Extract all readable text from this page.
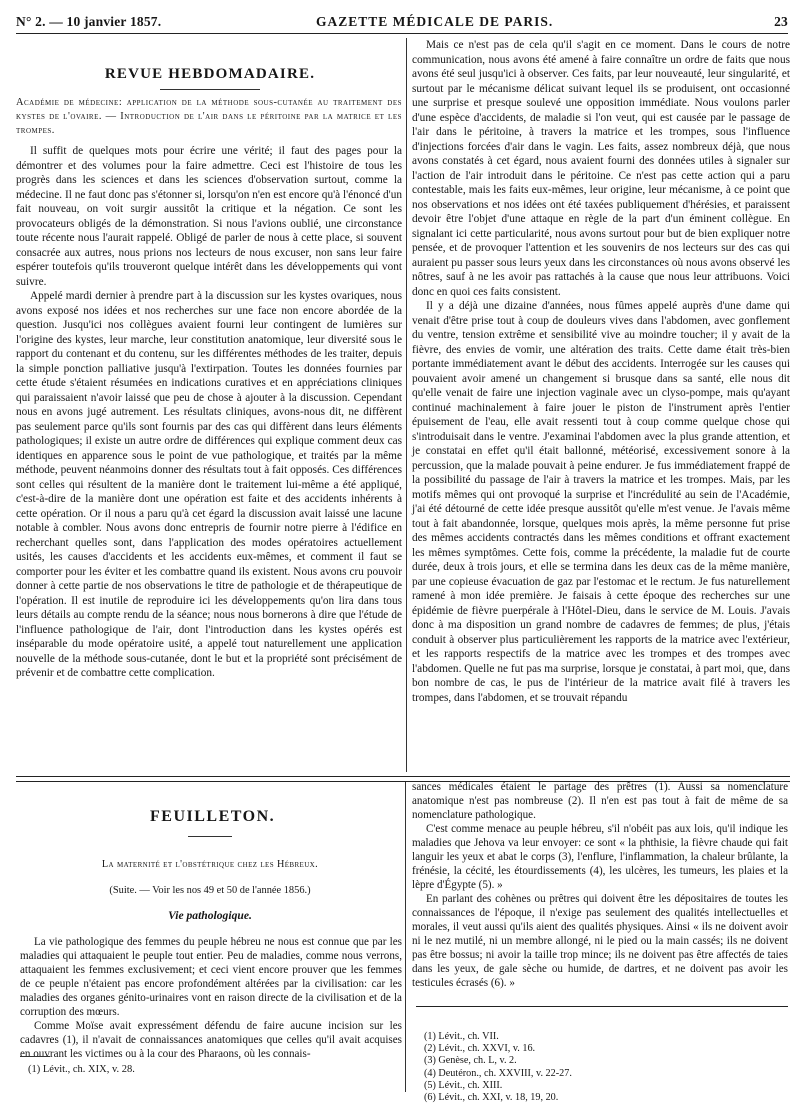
N° 2. — 10 janvier 1857.	GAZETTE MÉDICALE DE PARIS.	23
REVUE HEBDOMADAIRE.

Académie de médecine: application de la méthode sous-cutanée au traitement des kystes de l'ovaire. — Introduction de l'air dans le péritoine par la matrice et les trompes.

Il suffit de quelques mots pour écrire une vérité; il faut des pages pour la démontrer et des volumes pour la faire admettre. Ceci est l'histoire de tous les progrès dans les sciences et dans les sciences d'observation surtout, comme la médecine. Il ne faut donc pas s'étonner si, lorsqu'on n'en est encore qu'à l'énoncé d'un fait nouveau, on voit surgir aussitôt la critique et la négation. Ce sont les provocateurs obligés de la démonstration. Si nous l'avions oublié, une circonstance toute récente nous l'aurait rappelé. Obligé de parler de nous à cette place, si souvent consacrée aux autres, nous prions nos lecteurs de nous excuser, non sans leur faire espérer toutefois qu'ils trouveront quelque intérêt dans les développements qui vont suivre.

Appelé mardi dernier à prendre part à la discussion sur les kystes ovariques, nous avons exposé nos idées et nos recherches sur une face non encore abordée de la question. Jusqu'ici nos collègues avaient fourni leur contingent de lumières sur l'origine des kystes, leur marche, leur constitution anatomique, leur diversité sous le rapport du contenant et du contenu, sur les différentes méthodes de les traiter, depuis la simple ponction palliative jusqu'à l'extirpation. Toutes les données fournies par cette étude s'étaient résumées en indications curatives et en appréciations cliniques qui paraissaient n'avoir laissé que peu de chose à ajouter à la discussion. Cependant nous en avons jugé autrement. Les résultats cliniques, avons-nous dit, ne diffèrent pas seulement parce qu'ils sont fournis par des cas qui diffèrent dans leurs éléments pathologiques; il existe un autre ordre de différences qui explique comment deux cas identiques en apparence sous le point de vue pathologique, et traités par la même méthode, peuvent néanmoins donner des résultats tout à fait opposés. Ces différences sont celles qui résultent de la manière dont le traitement lui-même a été appliqué, c'est-à-dire de la manière dont une opération est faite et des accidents inhérents à cette opération. Or il nous a paru qu'à cet égard la discussion avait laissé une lacune notable à combler. Nous avons donc entrepris de fournir notre pierre à l'édifice en recherchant quelles sont, dans l'application des modes opératoires actuellement usités, les causes d'accidents et les accidents eux-mêmes, et comment il faut se comporter pour les éviter et les combattre quand ils existent. Nous avons cru pouvoir donner à cette partie de nos observations le titre de pathologie et de thérapeutique de l'opération. Il est inutile de reproduire ici les développements qu'on lira dans tous leurs détails au compte rendu de la séance; nous nous bornerons à dire que l'étude de l'influence pathologique de l'air, dont l'introduction dans les kystes opérés est inséparable du mode opératoire usité, a appelé tout naturellement une application nouvelle de la méthode sous-cutanée, dont le but et la propriété sont précisément de prévenir et de combattre cette complication.

Mais ce n'est pas de cela qu'il s'agit en ce moment. Dans le cours de notre communication, nous avons été amené à faire connaître un ordre de faits que nous avons été seul jusqu'ici à observer. Ces faits, par leur nouveauté, leur singularité, et surtout par le mécanisme délicat suivant lequel ils se produisent, ont occasionné une surprise et presque soulevé une opposition immédiate. Nous voulons parler d'une espèce d'accidents, de maladie si l'on veut, qui est causée par le passage de l'air dans le péritoine, à travers la matrice et les trompes, sous l'influence d'injections forcées d'air dans le vagin. Les faits, assez nombreux déjà, que nous avons constatés à cet égard, nous avaient fourni des données utiles à signaler sur l'action de l'air introduit dans le péritoine. Ce n'est pas cette action qui a paru contestable, mais les faits eux-mêmes, leur origine, leur mécanisme, à ce point que nos observations et nos idées ont été taxées publiquement d'hérésies, et paraissent devoir être l'objet d'une attaque en règle de la part d'un éminent collègue. En signalant ici cette particularité, nous avons surtout pour but de bien expliquer notre pensée, et de provoquer l'attention et les souvenirs de nos lecteurs sur des cas qui auraient pu passer sous leurs yeux dans les circonstances où nous avons observé les nôtres, sauf à ne les avoir pas rattachés à la cause que nous leur attribuons. Voici donc en quoi ces faits consistent.

Il y a déjà une dizaine d'années, nous fûmes appelé auprès d'une dame qui venait d'être prise tout à coup de douleurs vives dans l'abdomen, avec gonflement du ventre, tension extrême et sensibilité vive au moindre toucher; il y avait de la fièvre, des envies de vomir, une altération des traits. Cette dame était très-bien portante immédiatement avant le début des accidents. Interrogée sur les causes qui pouvaient avoir amené un changement si brusque dans sa santé, elle nous dit qu'elle venait de faire une injection vaginale avec un clyso-pompe, mais qu'ayant continué machinalement à faire jouer le piston de l'instrument après l'entier épuisement de l'eau, elle avait ressenti tout à coup comme quelque chose qui s'introduisait dans le ventre. J'examinai l'abdomen avec la plus grande attention, et je constatai en effet qu'il était ballonné, météorisé, excessivement sonore à la percussion, que la malade pouvait à peine endurer. Je fus immédiatement frappé de la possibilité du passage de l'air à travers la matrice et les trompes. Mais, par les motifs mêmes qui ont provoqué la surprise et l'incrédulité au sein de l'Académie, j'ai été détourné de cette idée presque aussitôt qu'elle m'est venue. Je l'avais même tout à fait abandonnée, lorsque, quelques mois après, la même personne fut prise des mêmes accidents contractés dans les mêmes conditions et offrant exactement les mêmes symptômes. Cette fois, comme la précédente, la maladie fut de courte durée, deux à trois jours, et elle se termina dans les deux cas de la même manière, par une copieuse évacuation de gaz par l'estomac et le rectum. Je fus naturellement ramené à mon idée première. Je faisais à cette époque des recherches sur une épidémie de fièvre puerpérale à l'Hôtel-Dieu, dans le service de M. Louis. J'avais donc à ma disposition un grand nombre de cadavres de femmes; de plus, j'étais conduit à observer plus particulièrement les rapports de la matrice avec l'extérieur, et les rapports respectifs de la matrice avec les trompes et des trompes avec l'abdomen. Quelle ne fut pas ma surprise, lorsque je constatai, à part moi, que, dans bon nombre de cas, le pus de l'intérieur de la matrice avait filé à travers les trompes, dans l'abdomen, et se trouvait répandu

FEUILLETON.
La maternité et l'obstétrique chez les Hébreux.
(Suite. — Voir les nos 49 et 50 de l'année 1856.)
Vie pathologique.

La vie pathologique des femmes du peuple hébreu ne nous est connue que par les maladies qui attaquaient le peuple tout entier. Peu de maladies, comme nous verrons, attaquaient les femmes exclusivement; et ceci vient encore prouver que les femmes de ce peuple n'étaient pas encore profondément altérées par la civilisation: car les maladies des organes génito-urinaires vont en raison directe de la civilisation et de la corruption des mœurs.

Comme Moïse avait expressément défendu de faire aucune incision sur les cadavres (1), il n'avait de connaissances anatomiques que celles qu'il avait acquises en ouvrant les victimes ou à la cour des Pharaons, où les connais-

(1) Lévit., ch. XIX, v. 28.

sances médicales étaient le partage des prêtres (1). Aussi sa nomenclature anatomique n'est pas nombreuse (2). Il n'en est pas tout à fait de même de sa nomenclature pathologique.

C'est comme menace au peuple hébreu, s'il n'obéit pas aux lois, qu'il indique les maladies que Jehova va leur envoyer: ce sont « la phthisie, la fièvre chaude qui fait languir les yeux et abat le corps (3), l'enflure, l'inflammation, la chaleur brûlante, la frénésie, la cécité, les étourdissements (4), les ulcères, les tumeurs, les plaies et la lèpre d'Égypte (5). »

En parlant des cohènes ou prêtres qui doivent être les dépositaires de toutes les connaissances de l'époque, il n'exige pas seulement des qualités intellectuelles et morales, il veut aussi qu'ils aient des qualités physiques. Ainsi « ils ne doivent avoir ni le nez mutilé, ni un membre allongé, ni le pied ou la main cassés; ils ne doivent pas être bossus; ni avoir la taille trop mince; ils ne doivent pas être affectés de taies dans les yeux, de gale sèche ou humide, de dartres, et ne doivent pas avoir les testicules écrasés (6). »

(1) Lévit., ch. VII.
(2) Lévit., ch. XXVI, v. 16.
(3) Genèse, ch. L, v. 2.
(4) Deutéron., ch. XXVIII, v. 22-27.
(5) Lévit., ch. XIII.
(6) Lévit., ch. XXI, v. 18, 19, 20.
